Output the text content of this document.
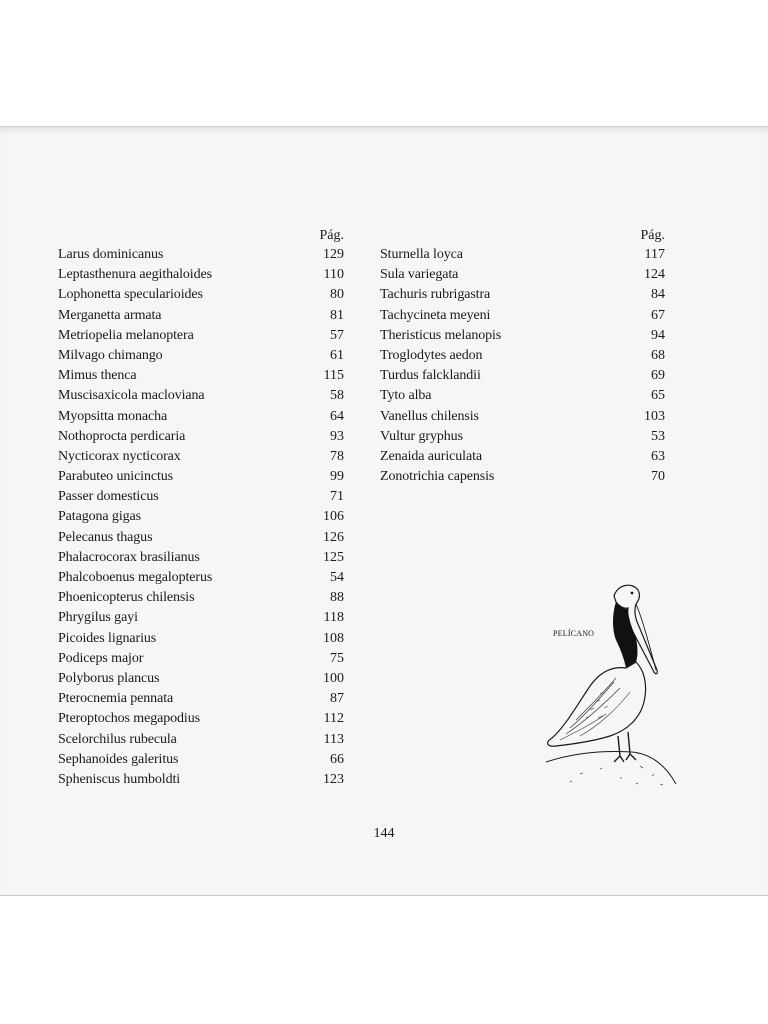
Pág.
Larus dominicanus	129
Leptasthenura aegithaloides	110
Lophonetta specularioides	80
Merganetta armata	81
Metriopelia melanoptera	57
Milvago chimango	61
Mimus thenca	115
Muscisaxicola macloviana	58
Myopsitta monacha	64
Nothoprocta perdicaria	93
Nycticorax nycticorax	78
Parabuteo unicinctus	99
Passer domesticus	71
Patagona gigas	106
Pelecanus thagus	126
Phalacrocorax brasilianus	125
Phalcoboenus megalopterus	54
Phoenicopterus chilensis	88
Phrygilus gayi	118
Picoides lignarius	108
Podiceps major	75
Polyborus plancus	100
Pterocnemia pennata	87
Pteroptochos megapodius	112
Scelorchilus rubecula	113
Sephanoides galeritus	66
Spheniscus humboldti	123
Pág.
Sturnella loyca	117
Sula variegata	124
Tachuris rubrigastra	84
Tachycineta meyeni	67
Theristicus melanopis	94
Troglodytes aedon	68
Turdus falcklandii	69
Tyto alba	65
Vanellus chilensis	103
Vultur gryphus	53
Zenaida auriculata	63
Zonotrichia capensis	70
PELÍCANO
144
